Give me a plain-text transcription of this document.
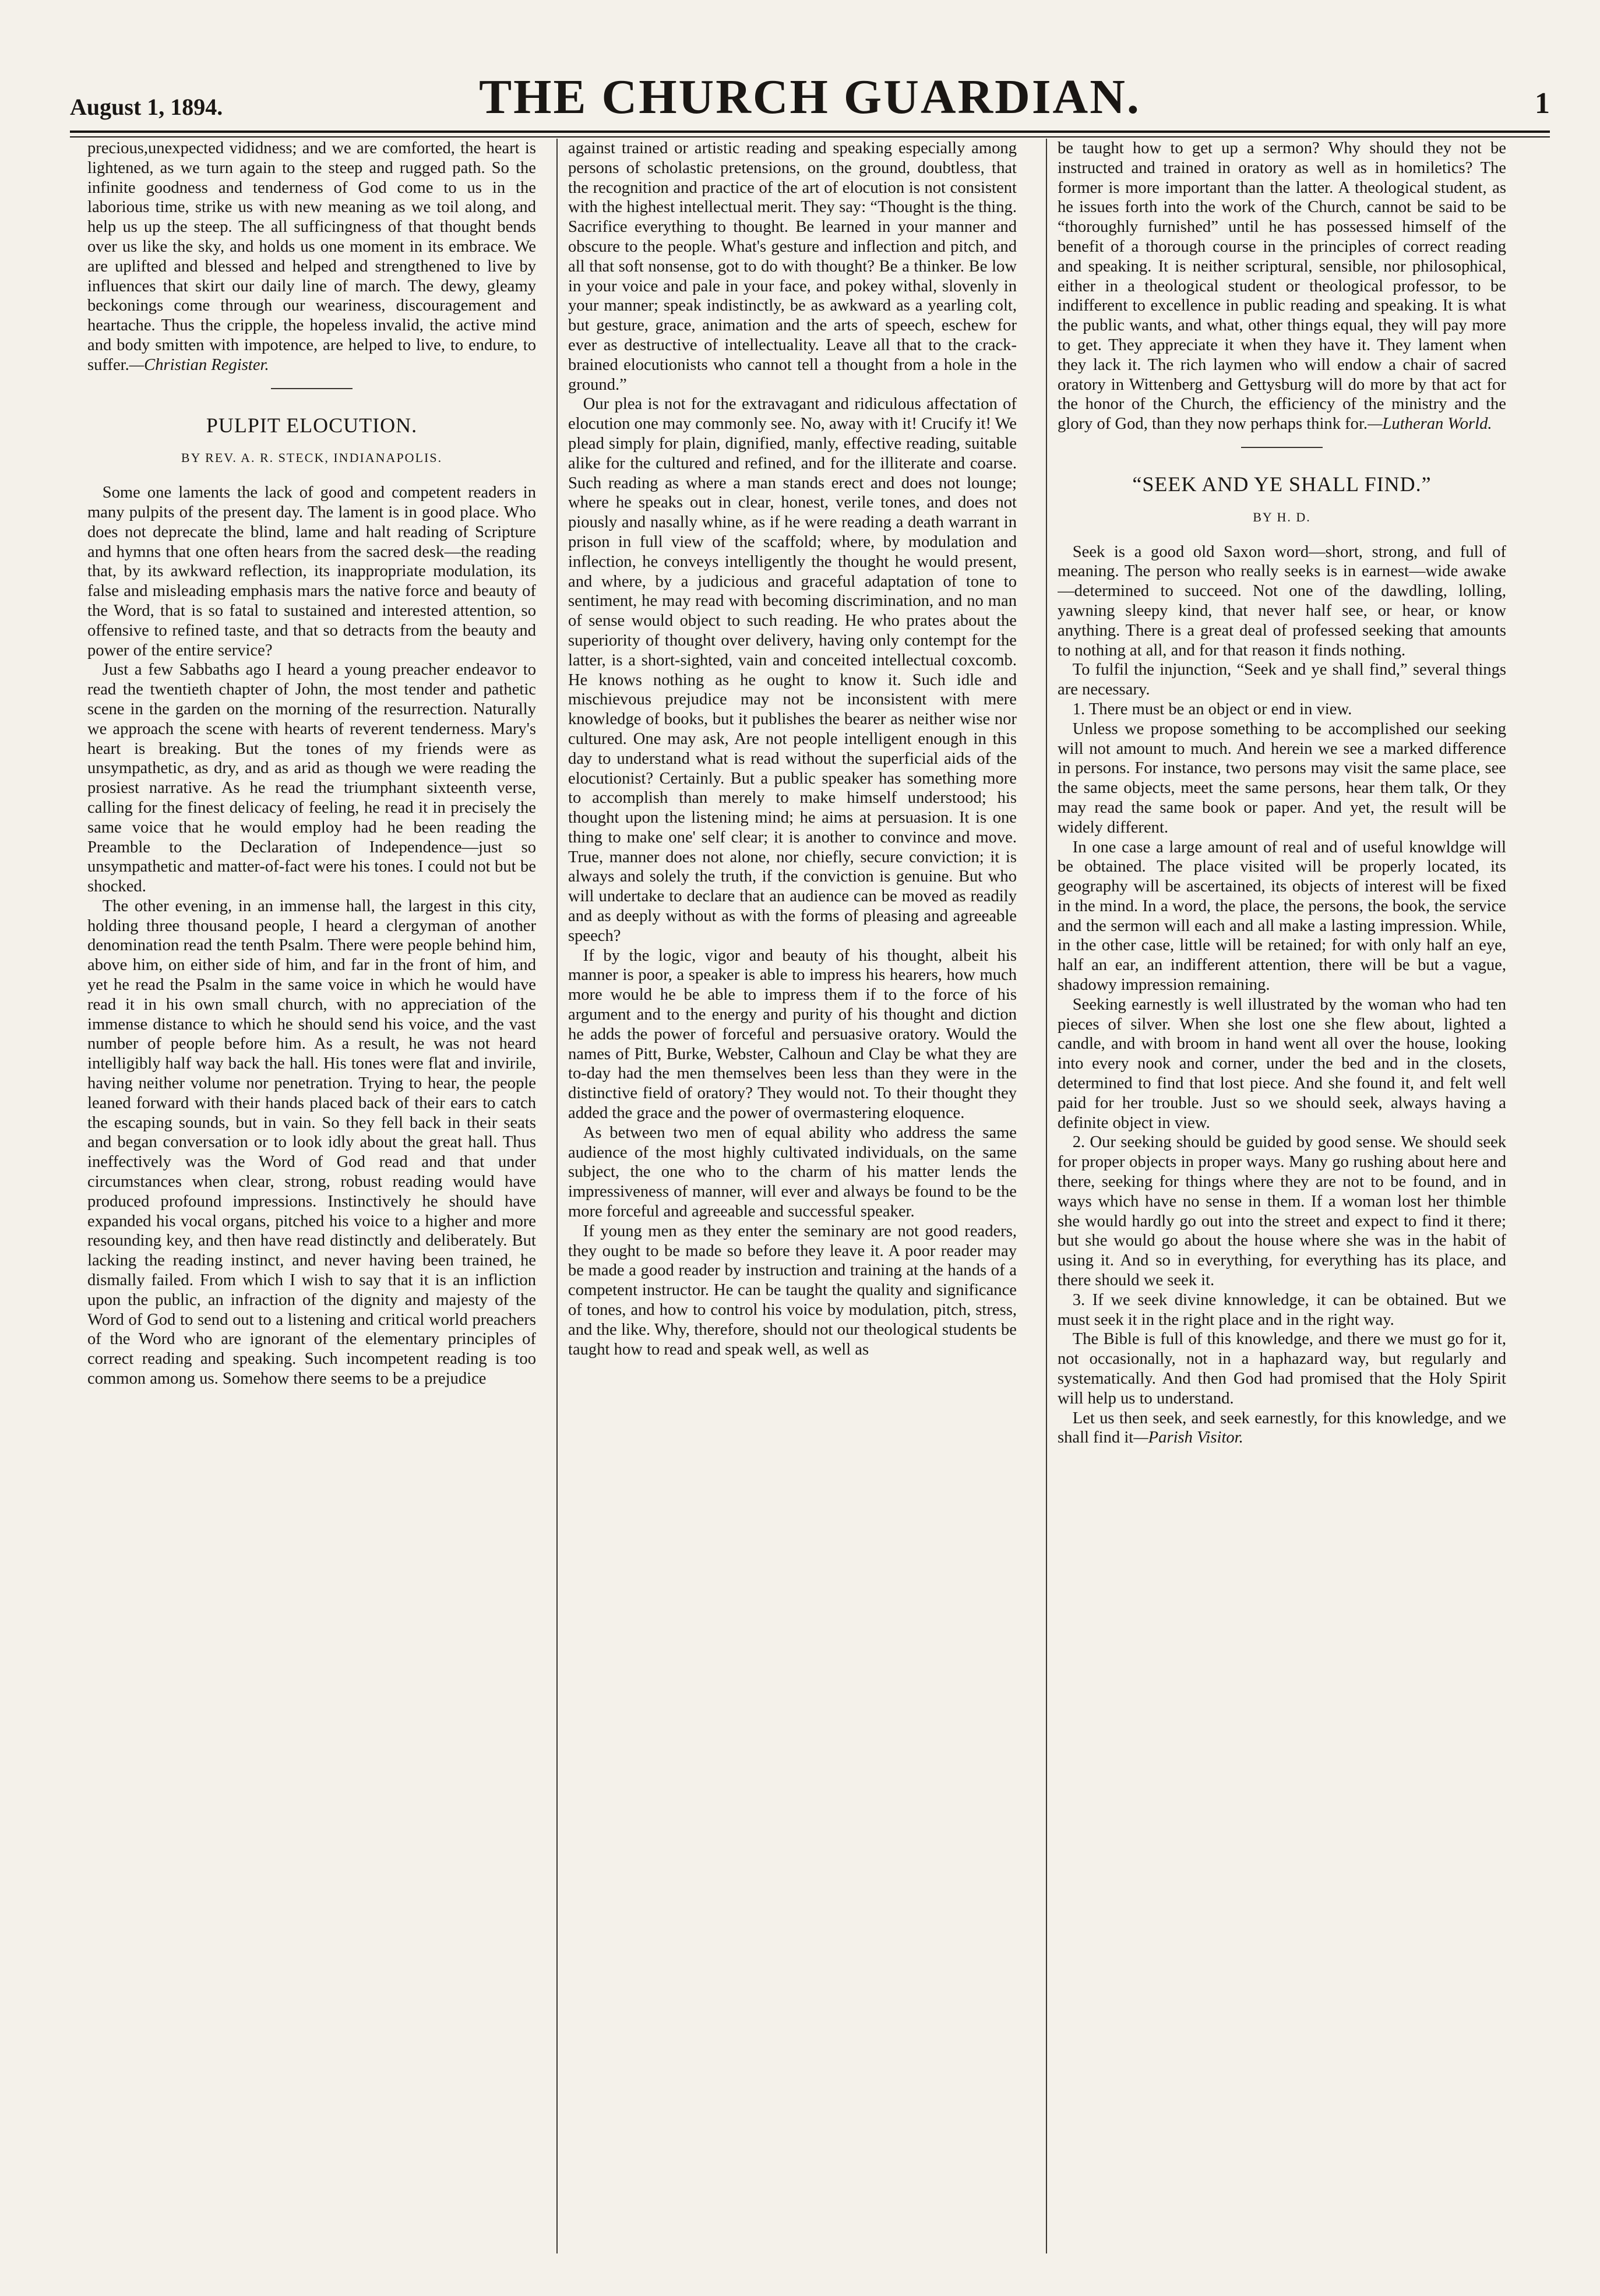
August 1, 1894.	THE CHURCH GUARDIAN.	1

precious,unexpected vididness; and we are comforted, the heart is lightened, as we turn again to the steep and rugged path. So the infinite goodness and tenderness of God come to us in the laborious time, strike us with new meaning as we toil along, and help us up the steep. The all sufficingness of that thought bends over us like the sky, and holds us one moment in its embrace. We are uplifted and blessed and helped and strengthened to live by influences that skirt our daily line of march. The dewy, gleamy beckonings come through our weariness, discouragement and heartache. Thus the cripple, the hopeless invalid, the active mind and body smitten with impotence, are helped to live, to endure, to suffer.—Christian Register.

PULPIT ELOCUTION.
BY REV. A. R. STECK, INDIANAPOLIS.

Some one laments the lack of good and competent readers in many pulpits of the present day. The lament is in good place. Who does not deprecate the blind, lame and halt reading of Scripture and hymns that one often hears from the sacred desk—the reading that, by its awkward reflection, its inappropriate modulation, its false and misleading emphasis mars the native force and beauty of the Word, that is so fatal to sustained and interested attention, so offensive to refined taste, and that so detracts from the beauty and power of the entire service?

Just a few Sabbaths ago I heard a young preacher endeavor to read the twentieth chapter of John, the most tender and pathetic scene in the garden on the morning of the resurrection. Naturally we approach the scene with hearts of reverent tenderness. Mary's heart is breaking. But the tones of my friends were as unsympathetic, as dry, and as arid as though we were reading the prosiest narrative. As he read the triumphant sixteenth verse, calling for the finest delicacy of feeling, he read it in precisely the same voice that he would employ had he been reading the Preamble to the Declaration of Independence—just so unsympathetic and matter-of-fact were his tones. I could not but be shocked.

The other evening, in an immense hall, the largest in this city, holding three thousand people, I heard a clergyman of another denomination read the tenth Psalm. There were people behind him, above him, on either side of him, and far in the front of him, and yet he read the Psalm in the same voice in which he would have read it in his own small church, with no appreciation of the immense distance to which he should send his voice, and the vast number of people before him. As a result, he was not heard intelligibly half way back the hall. His tones were flat and invirile, having neither volume nor penetration. Trying to hear, the people leaned forward with their hands placed back of their ears to catch the escaping sounds, but in vain. So they fell back in their seats and began conversation or to look idly about the great hall. Thus ineffectively was the Word of God read and that under circumstances when clear, strong, robust reading would have produced profound impressions. Instinctively he should have expanded his vocal organs, pitched his voice to a higher and more resounding key, and then have read distinctly and deliberately. But lacking the reading instinct, and never having been trained, he dismally failed. From which I wish to say that it is an infliction upon the public, an infraction of the dignity and majesty of the Word of God to send out to a listening and critical world preachers of the Word who are ignorant of the elementary principles of correct reading and speaking. Such incompetent reading is too common among us. Somehow there seems to be a prejudice

against trained or artistic reading and speaking especially among persons of scholastic pretensions, on the ground, doubtless, that the recognition and practice of the art of elocution is not consistent with the highest intellectual merit. They say: “Thought is the thing. Sacrifice everything to thought. Be learned in your manner and obscure to the people. What's gesture and inflection and pitch, and all that soft nonsense, got to do with thought? Be a thinker. Be low in your voice and pale in your face, and pokey withal, slovenly in your manner; speak indistinctly, be as awkward as a yearling colt, but gesture, grace, animation and the arts of speech, eschew for ever as destructive of intellectuality. Leave all that to the crack-brained elocutionists who cannot tell a thought from a hole in the ground.”

Our plea is not for the extravagant and ridiculous affectation of elocution one may commonly see. No, away with it! Crucify it! We plead simply for plain, dignified, manly, effective reading, suitable alike for the cultured and refined, and for the illiterate and coarse. Such reading as where a man stands erect and does not lounge; where he speaks out in clear, honest, verile tones, and does not piously and nasally whine, as if he were reading a death warrant in prison in full view of the scaffold; where, by modulation and inflection, he conveys intelligently the thought he would present, and where, by a judicious and graceful adaptation of tone to sentiment, he may read with becoming discrimination, and no man of sense would object to such reading. He who prates about the superiority of thought over delivery, having only contempt for the latter, is a short-sighted, vain and conceited intellectual coxcomb. He knows nothing as he ought to know it. Such idle and mischievous prejudice may not be inconsistent with mere knowledge of books, but it publishes the bearer as neither wise nor cultured. One may ask, Are not people intelligent enough in this day to understand what is read without the superficial aids of the elocutionist? Certainly. But a public speaker has something more to accomplish than merely to make himself understood; his thought upon the listening mind; he aims at persuasion. It is one thing to make one' self clear; it is another to convince and move. True, manner does not alone, nor chiefly, secure conviction; it is always and solely the truth, if the conviction is genuine. But who will undertake to declare that an audience can be moved as readily and as deeply without as with the forms of pleasing and agreeable speech?

If by the logic, vigor and beauty of his thought, albeit his manner is poor, a speaker is able to impress his hearers, how much more would he be able to impress them if to the force of his argument and to the energy and purity of his thought and diction he adds the power of forceful and persuasive oratory. Would the names of Pitt, Burke, Webster, Calhoun and Clay be what they are to-day had the men themselves been less than they were in the distinctive field of oratory? They would not. To their thought they added the grace and the power of overmastering eloquence.

As between two men of equal ability who address the same audience of the most highly cultivated individuals, on the same subject, the one who to the charm of his matter lends the impressiveness of manner, will ever and always be found to be the more forceful and agreeable and successful speaker.

If young men as they enter the seminary are not good readers, they ought to be made so before they leave it. A poor reader may be made a good reader by instruction and training at the hands of a competent instructor. He can be taught the quality and significance of tones, and how to control his voice by modulation, pitch, stress, and the like. Why, therefore, should not our theological students be taught how to read and speak well, as well as

be taught how to get up a sermon? Why should they not be instructed and trained in oratory as well as in homiletics? The former is more important than the latter. A theological student, as he issues forth into the work of the Church, cannot be said to be “thoroughly furnished” until he has possessed himself of the benefit of a thorough course in the principles of correct reading and speaking. It is neither scriptural, sensible, nor philosophical, either in a theological student or theological professor, to be indifferent to excellence in public reading and speaking. It is what the public wants, and what, other things equal, they will pay more to get. They appreciate it when they have it. They lament when they lack it. The rich laymen who will endow a chair of sacred oratory in Wittenberg and Gettysburg will do more by that act for the honor of the Church, the efficiency of the ministry and the glory of God, than they now perhaps think for.—Lutheran World.

“SEEK AND YE SHALL FIND.”
BY H. D.

Seek is a good old Saxon word—short, strong, and full of meaning. The person who really seeks is in earnest—wide awake—determined to succeed. Not one of the dawdling, lolling, yawning sleepy kind, that never half see, or hear, or know anything. There is a great deal of professed seeking that amounts to nothing at all, and for that reason it finds nothing.

To fulfil the injunction, “Seek and ye shall find,” several things are necessary.

1. There must be an object or end in view.

Unless we propose something to be accomplished our seeking will not amount to much. And herein we see a marked difference in persons. For instance, two persons may visit the same place, see the same objects, meet the same persons, hear them talk, Or they may read the same book or paper. And yet, the result will be widely different.

In one case a large amount of real and of useful knowldge will be obtained. The place visited will be properly located, its geography will be ascertained, its objects of interest will be fixed in the mind. In a word, the place, the persons, the book, the service and the sermon will each and all make a lasting impression. While, in the other case, little will be retained; for with only half an eye, half an ear, an indifferent attention, there will be but a vague, shadowy impression remaining.

Seeking earnestly is well illustrated by the woman who had ten pieces of silver. When she lost one she flew about, lighted a candle, and with broom in hand went all over the house, looking into every nook and corner, under the bed and in the closets, determined to find that lost piece. And she found it, and felt well paid for her trouble. Just so we should seek, always having a definite object in view.

2. Our seeking should be guided by good sense. We should seek for proper objects in proper ways. Many go rushing about here and there, seeking for things where they are not to be found, and in ways which have no sense in them. If a woman lost her thimble she would hardly go out into the street and expect to find it there; but she would go about the house where she was in the habit of using it. And so in everything, for everything has its place, and there should we seek it.

3. If we seek divine knnowledge, it can be obtained. But we must seek it in the right place and in the right way.

The Bible is full of this knowledge, and there we must go for it, not occasionally, not in a haphazard way, but regularly and systematically. And then God had promised that the Holy Spirit will help us to understand.

Let us then seek, and seek earnestly, for this knowledge, and we shall find it—Parish Visitor.
